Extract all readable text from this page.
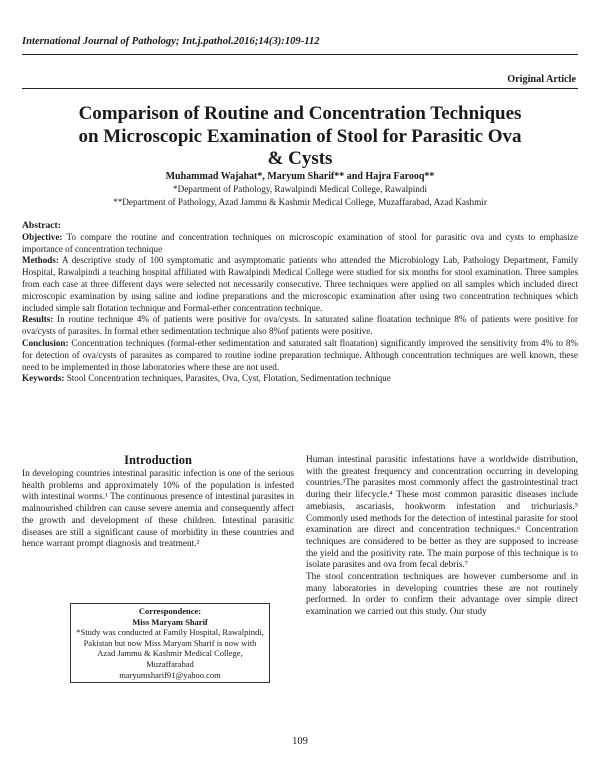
International Journal of Pathology; Int.j.pathol.2016;14(3):109-112
Original Article
Comparison of Routine and Concentration Techniques
on Microscopic Examination of Stool for Parasitic Ova
& Cysts
Muhammad Wajahat*, Maryum Sharif** and Hajra Farooq**
*Department of Pathology, Rawalpindi Medical College, Rawalpindi
**Department of Pathology, Azad Jammu & Kashmir Medical College, Muzaffarabad, Azad Kashmir

Abstract:

Objective: To compare the routine and concentration techniques on microscopic examination of stool for parasitic ova and cysts to emphasize importance of concentration technique

Methods: A descriptive study of 100 symptomatic and asymptomatic patients who attended the Microbiology Lab, Pathology Department, Family Hospital, Rawalpindi a teaching hospital affiliated with Rawalpindi Medical College were studied for six months for stool examination. Three samples from each case at three different days were selected not necessarily consecutive. Three techniques were applied on all samples which included direct microscopic examination by using saline and iodine preparations and the microscopic examination after using two concentration techniques which included simple salt flotation technique and Formal-ether concentration technique.

Results: In routine technique 4% of patients were positive for ova/cysts. In saturated saline floatation technique 8% of patients were positive for ova/cysts of parasites. In formal ether sedimentation technique also 8%of patients were positive.

Conclusion: Concentration techniques (formal-ether sedimentation and saturated salt floatation) significantly improved the sensitivity from 4% to 8% for detection of ova/cysts of parasites as compared to routine iodine preparation technique. Although concentration techniques are well known, these need to be implemented in those laboratories where these are not used.

Keywords: Stool Concentration techniques, Parasites, Ova, Cyst, Flotation, Sedimentation technique

Introduction

In developing countries intestinal parasitic infection is one of the serious health problems and approximately 10% of the population is infested with intestinal worms.¹ The continuous presence of intestinal parasites in malnourished children can cause severe anemia and consequently affect the growth and development of these children. Intestinal parasitic diseases are still a significant cause of morbidity in these countries and hence warrant prompt diagnosis and treatment.²

Correspondence:
Miss Maryam Sharif
*Study was conducted at Family Hospital, Rawalpindi, Pakistan but now Miss Maryam Sharif is now with Azad Jammu & Kashmir Medical College, Muzaffarabad
maryumsharif91@yahoo.com

Human intestinal parasitic infestations have a worldwide distribution, with the greatest frequency and concentration occurring in developing countries.³The parasites most commonly affect the gastrointestinal tract during their lifecycle.⁴ These most common parasitic diseases include amebiasis, ascariasis, hookworm infestation and trichuriasis.⁵ Commonly used methods for the detection of intestinal parasite for stool examination are direct and concentration techniques.⁶ Concentration techniques are considered to be better as they are supposed to increase the yield and the positivity rate. The main purpose of this technique is to isolate parasites and ova from fecal debris.⁷

The stool concentration techniques are however cumbersome and in many laboratories in developing countries these are not routinely performed. In order to confirm their advantage over simple direct examination we carried out this study. Our study

109
